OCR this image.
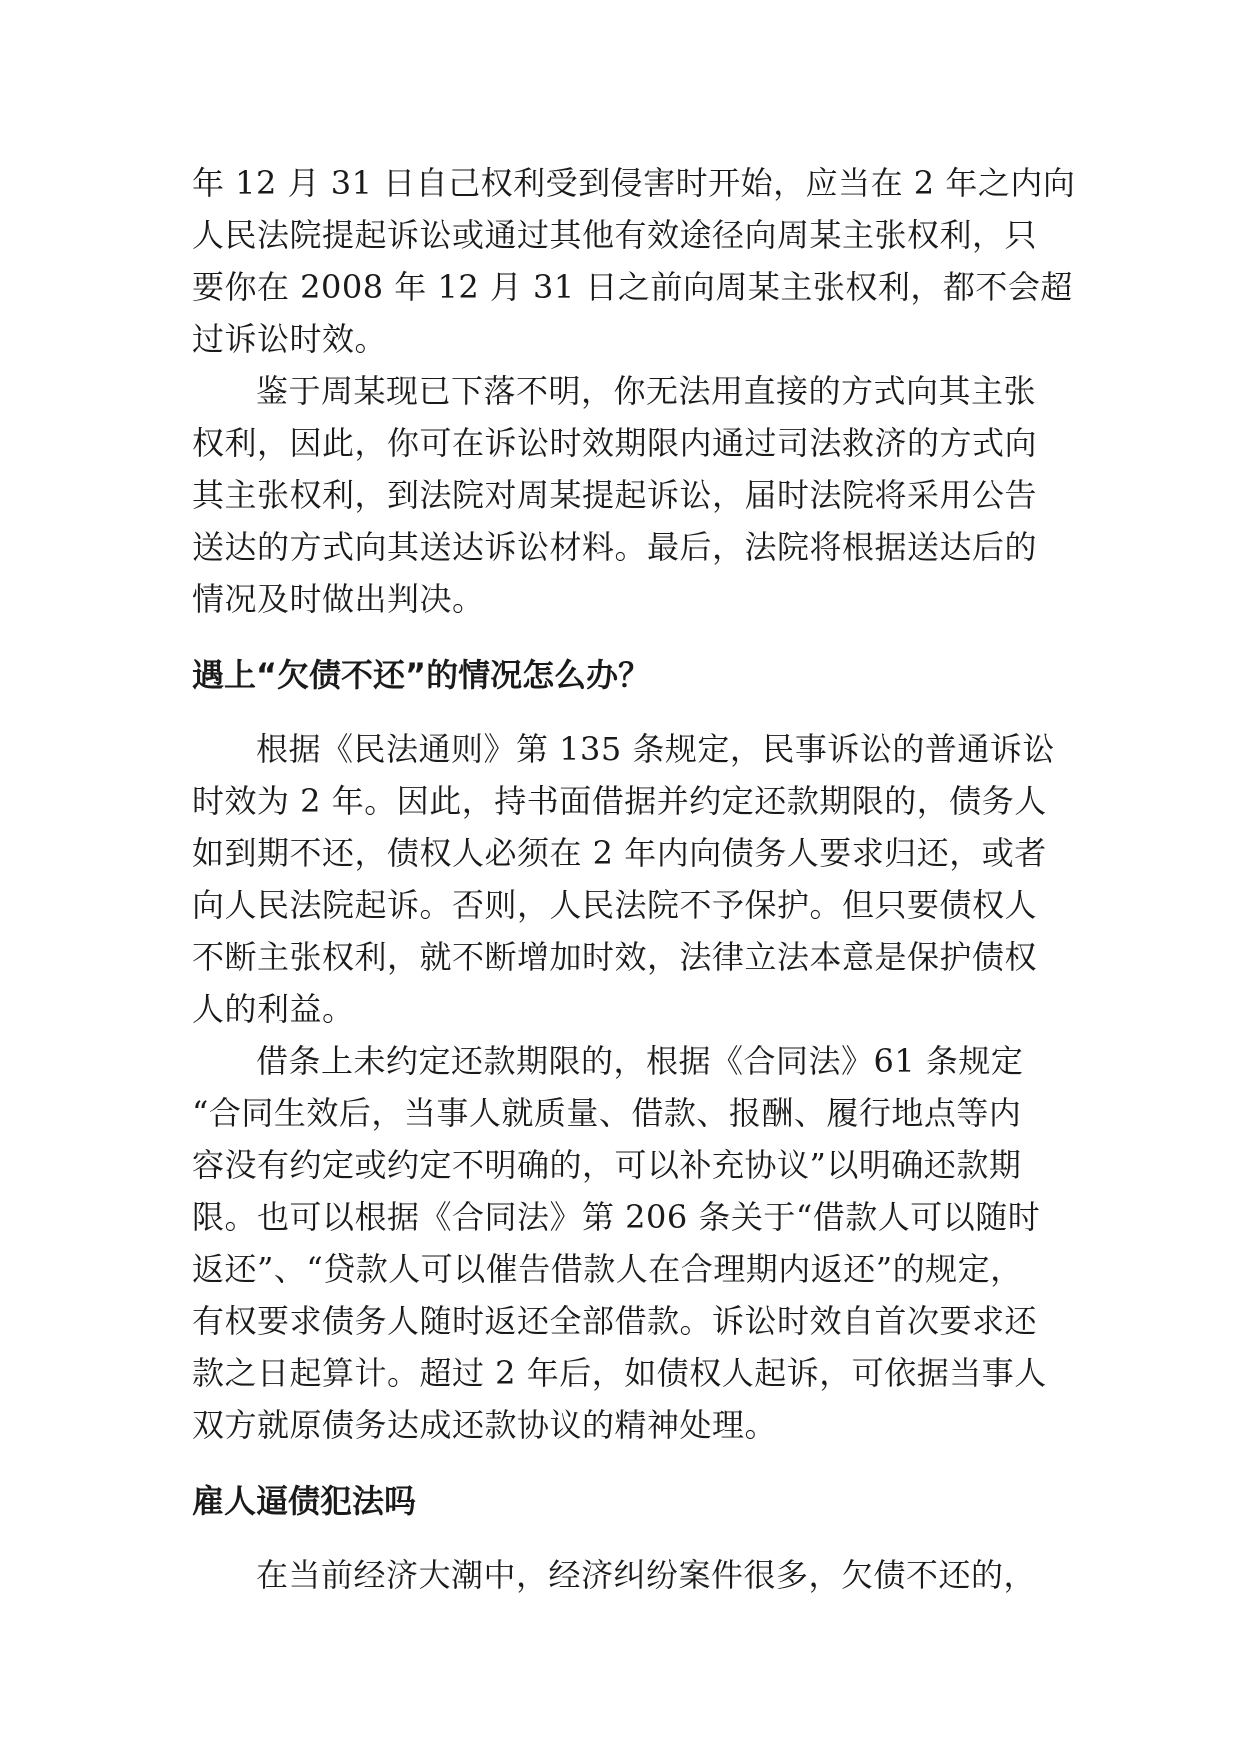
年 12 月 31 日自己权利受到侵害时开始，应当在 2 年之内向
人民法院提起诉讼或通过其他有效途径向周某主张权利，只
要你在 2008 年 12 月 31 日之前向周某主张权利，都不会超
过诉讼时效。
鉴于周某现已下落不明，你无法用直接的方式向其主张
权利，因此，你可在诉讼时效期限内通过司法救济的方式向
其主张权利，到法院对周某提起诉讼，届时法院将采用公告
送达的方式向其送达诉讼材料。最后，法院将根据送达后的
情况及时做出判决。
遇上“欠债不还”的情况怎么办？
根据《民法通则》第 135 条规定，民事诉讼的普通诉讼
时效为 2 年。因此，持书面借据并约定还款期限的，债务人
如到期不还，债权人必须在 2 年内向债务人要求归还，或者
向人民法院起诉。否则，人民法院不予保护。但只要债权人
不断主张权利，就不断增加时效，法律立法本意是保护债权
人的利益。
借条上未约定还款期限的，根据《合同法》61 条规定
“合同生效后，当事人就质量、借款、报酬、履行地点等内
容没有约定或约定不明确的，可以补充协议”以明确还款期
限。也可以根据《合同法》第 206 条关于“借款人可以随时
返还”、“贷款人可以催告借款人在合理期内返还”的规定，
有权要求债务人随时返还全部借款。诉讼时效自首次要求还
款之日起算计。超过 2 年后，如债权人起诉，可依据当事人
双方就原债务达成还款协议的精神处理。
雇人逼债犯法吗
在当前经济大潮中，经济纠纷案件很多，欠债不还的，
